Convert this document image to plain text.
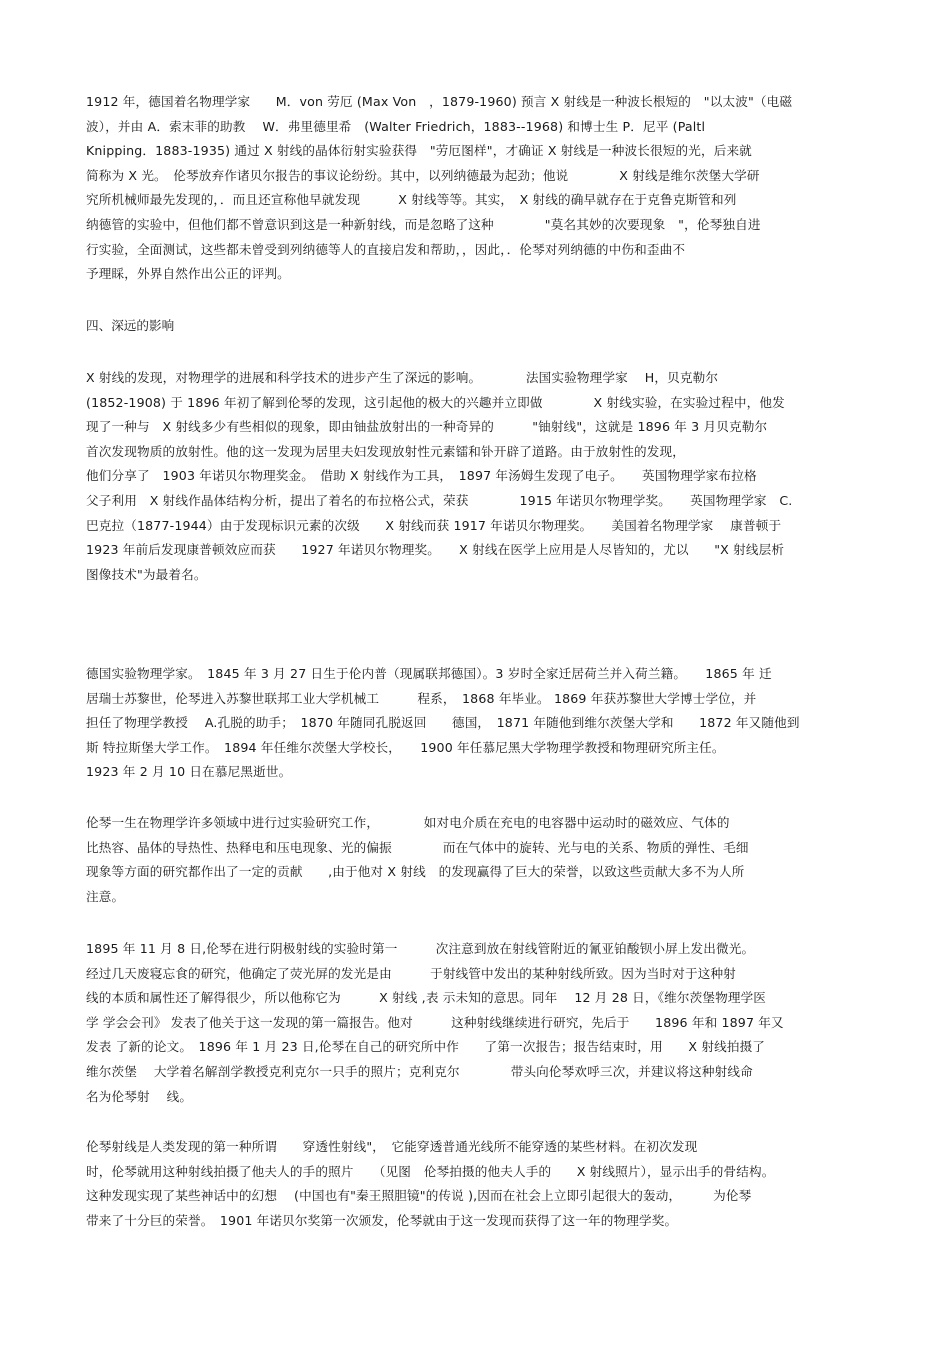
1912 年，德国着名物理学家　　M．von 劳厄 (Max Von　，1879-1960) 预言 X 射线是一种波长根短的　"以太波"（电磁
波），并由 A．索末菲的助教　 W．弗里德里希　(Walter Friedrich，1883--1968) 和博士生 P．尼平 (Paltl
Knipping．1883-1935) 通过 X 射线的晶体衍射实验获得　"劳厄图样"，才确证 X 射线是一种波长很短的光，后来就
简称为 X 光。　伦琴放弃作诸贝尔报告的事议论纷纷。其中，以列纳德最为起劲；他说　　　　X 射线是维尔茨堡大学研
究所机械师最先发现的，．而且还宣称他早就发现　　　X 射线等等。其实，　X 射线的确早就存在于克鲁克斯管和列
纳德管的实验中，但他们都不曾意识到这是一种新射线，而是忽略了这种　　　　"莫名其妙的次要现象　"，伦琴独自进
行实验，全面测试，这些都未曾受到列纳德等人的直接启发和帮助，，因此，．伦琴对列纳德的中伤和歪曲不
予理睬，外界自然作出公正的评判。
四、深远的影响
X 射线的发现，对物理学的进展和科学技术的进步产生了深远的影响。　　　　法国实验物理学家　 H，贝克勒尔
(1852-1908) 于 1896 年初了解到伦琴的发现，这引起他的极大的兴趣并立即做　　　　X 射线实验，在实验过程中，他发
现了一种与　X 射线多少有些相似的现象，即由铀盐放射出的一种奇异的　　　"铀射线"，这就是 1896 年 3 月贝克勒尔
首次发现物质的放射性。他的这一发现为居里夫妇发现放射性元素镭和钋开辟了道路。由于放射性的发现，
他们分享了　1903 年诺贝尔物理奖金。　借助 X 射线作为工具，　1897 年汤姆生发现了电子。　　英国物理学家布拉格
父子利用　X 射线作晶体结构分析，提出了着名的布拉格公式，荣获　　　　1915 年诺贝尔物理学奖。　　英国物理学家　C.
巴克拉（1877-1944）由于发现标识元素的次级　　X 射线而获 1917 年诺贝尔物理奖。　　美国着名物理学家　 康普顿于
1923 年前后发现康普顿效应而获　　1927 年诺贝尔物理奖。　　X 射线在医学上应用是人尽皆知的，尤以　　"X 射线层析
图像技术"为最着名。
德国实验物理学家。　1845 年 3 月 27 日生于伦内普（现属联邦德国）。3 岁时全家迁居荷兰并入荷兰籍。　　1865 年 迁
居瑞士苏黎世，伦琴进入苏黎世联邦工业大学机械工　　　程系，　1868 年毕业。 1869 年获苏黎世大学博士学位，并
担任了物理学教授　 A.孔脱的助手；　1870 年随同孔脱返回　　德国，　1871 年随他到维尔茨堡大学和　　1872 年又随他到
斯 特拉斯堡大学工作。　1894 年任维尔茨堡大学校长，　　1900 年任慕尼黑大学物理学教授和物理研究所主任。
1923 年 2 月 10 日在慕尼黑逝世。
伦琴一生在物理学许多领域中进行过实验研究工作，　　　　如对电介质在充电的电容器中运动时的磁效应、气体的
比热容、晶体的导热性、热释电和压电现象、光的偏振　　　　而在气体中的旋转、光与电的关系、物质的弹性、毛细
现象等方面的研究都作出了一定的贡献　　,由于他对 X 射线　的发现赢得了巨大的荣誉，以致这些贡献大多不为人所
注意。
1895 年 11 月 8 日,伦琴在进行阴极射线的实验时第一　　　次注意到放在射线管附近的氰亚铂酸钡小屏上发出微光。
经过几天废寝忘食的研究，他确定了荧光屏的发光是由　　　于射线管中发出的某种射线所致。因为当时对于这种射
线的本质和属性还了解得很少，所以他称它为　　　X 射线 ,表 示未知的意思。同年　 12 月 28 日，《维尔茨堡物理学医
学 学会会刊》 发表了他关于这一发现的第一篇报告。他对　　　这种射线继续进行研究，先后于　　1896 年和 1897 年又
发表 了新的论文。　1896 年 1 月 23 日,伦琴在自己的研究所中作　　了第一次报告；报告结束时，用　　X 射线拍摄了
维尔茨堡　 大学着名解剖学教授克利克尔一只手的照片；克利克尔　　　　带头向伦琴欢呼三次，并建议将这种射线命
名为伦琴射　 线。
伦琴射线是人类发现的第一种所谓　　穿透性射线"，　它能穿透普通光线所不能穿透的某些材料。在初次发现
时，伦琴就用这种射线拍摄了他夫人的手的照片　　（见图　伦琴拍摄的他夫人手的　　X 射线照片），显示出手的骨结构。
这种发现实现了某些神话中的幻想　 (中国也有"秦王照胆镜"的传说 ),因而在社会上立即引起很大的轰动，　　　为伦琴
带来了十分巨的荣誉。　1901 年诺贝尔奖第一次颁发，伦琴就由于这一发现而获得了这一年的物理学奖。
